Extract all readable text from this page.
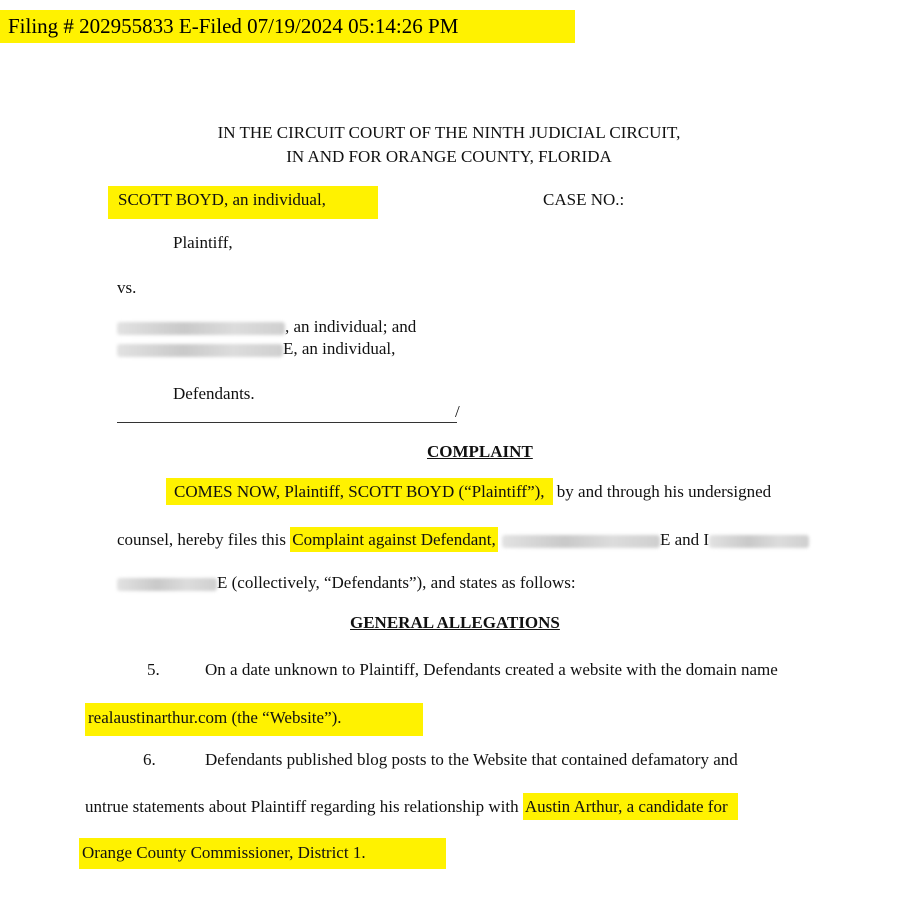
Filing # 202955833 E-Filed 07/19/2024 05:14:26 PM
IN THE CIRCUIT COURT OF THE NINTH JUDICIAL CIRCUIT,
IN AND FOR ORANGE COUNTY, FLORIDA
SCOTT BOYD, an individual,	CASE NO.:
Plaintiff,
vs.
, an individual; and
E, an individual,
Defendants.
/
COMPLAINT
COMES NOW, Plaintiff, SCOTT BOYD (“Plaintiff”), by and through his undersigned
counsel, hereby files this Complaint against Defendant,	E and I
E (collectively, “Defendants”), and states as follows:
GENERAL ALLEGATIONS
5.	On a date unknown to Plaintiff, Defendants created a website with the domain name
realaustinarthur.com (the “Website”).
6.	Defendants published blog posts to the Website that contained defamatory and
untrue statements about Plaintiff regarding his relationship with Austin Arthur, a candidate for
Orange County Commissioner, District 1.
